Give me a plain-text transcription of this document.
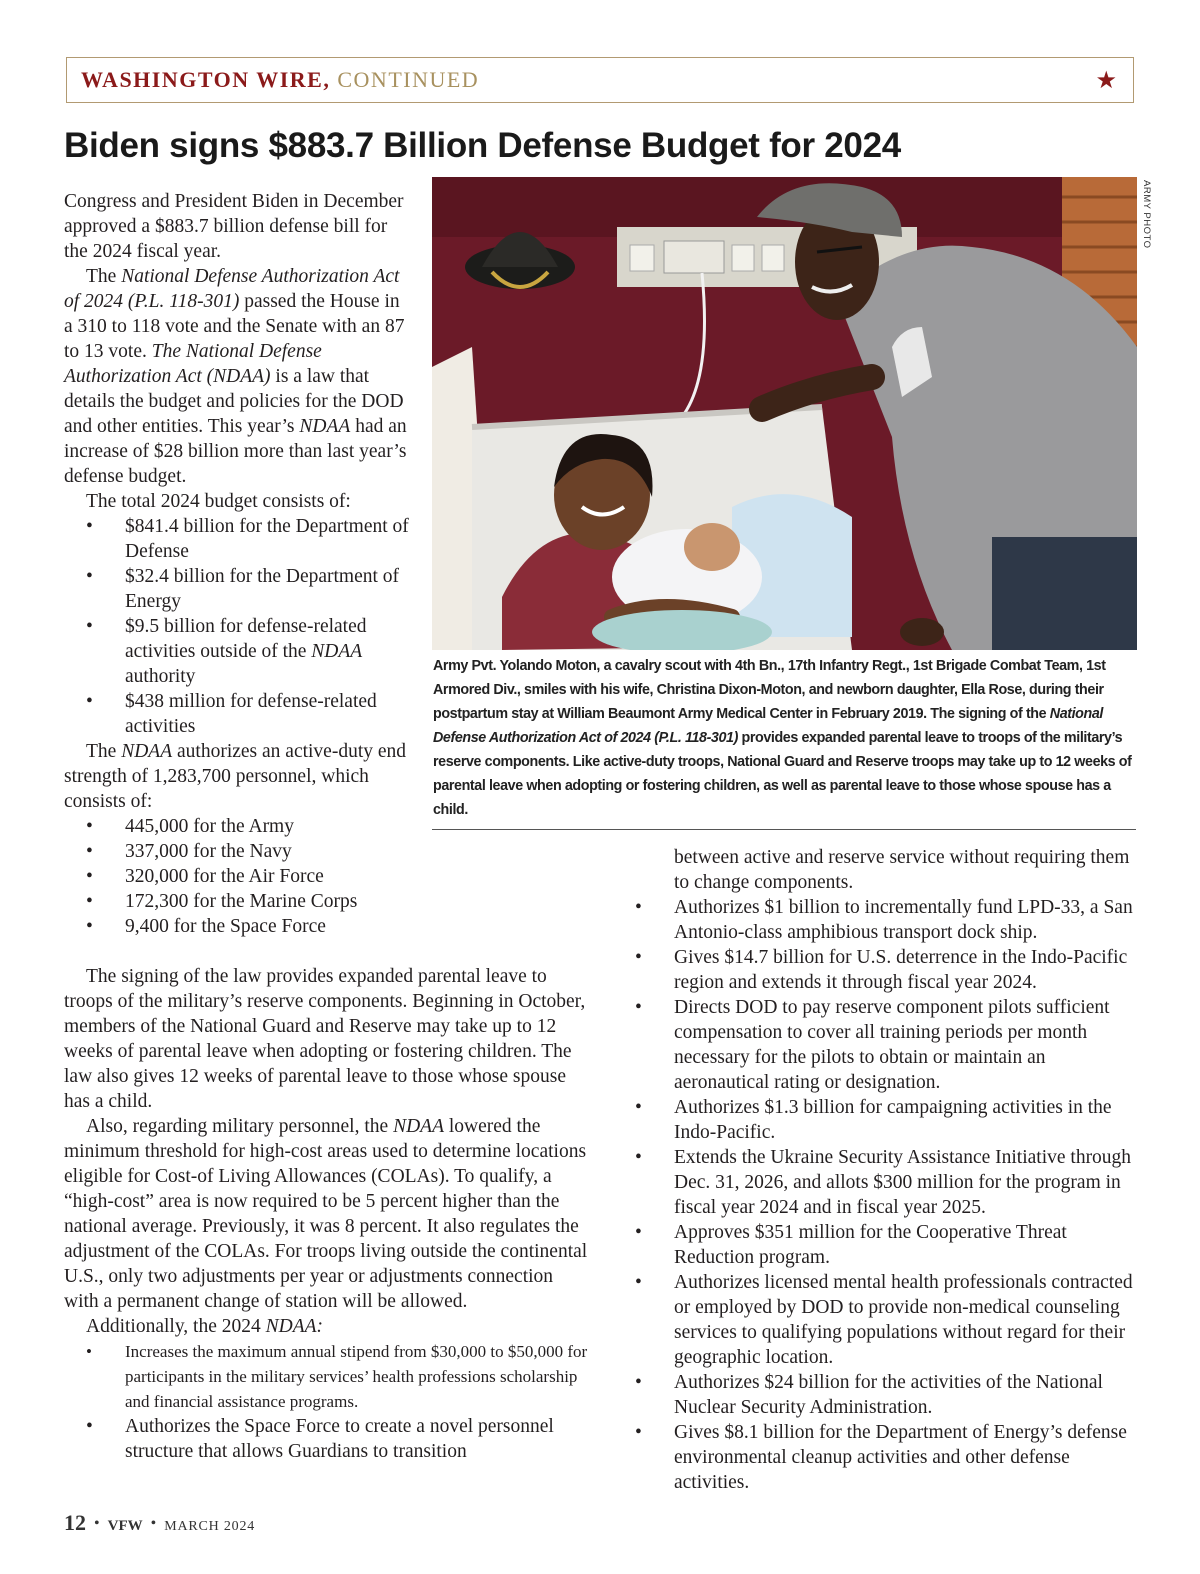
WASHINGTON WIRE, CONTINUED	★
Biden signs $883.7 Billion Defense Budget for 2024

Congress and President Biden in December approved a $883.7 billion defense bill for the 2024 fiscal year.

The National Defense Authorization Act of 2024 (P.L. 118-301) passed the House in a 310 to 118 vote and the Senate with an 87 to 13 vote. The National Defense Authorization Act (NDAA) is a law that details the budget and policies for the DOD and other entities. This year’s NDAA had an increase of $28 billion more than last year’s defense budget.

The total 2024 budget consists of:

• $841.4 billion for the Department of Defense
• $32.4 billion for the Department of Energy
• $9.5 billion for defense-related activities outside of the NDAA authority
• $438 million for defense-related activities

The NDAA authorizes an active-duty end strength of 1,283,700 personnel, which consists of:

• 445,000 for the Army
• 337,000 for the Navy
• 320,000 for the Air Force
• 172,300 for the Marine Corps
• 9,400 for the Space Force

The signing of the law provides expanded parental leave to troops of the military’s reserve components. Beginning in October, members of the National Guard and Reserve may take up to 12 weeks of parental leave when adopting or fostering children. The law also gives 12 weeks of parental leave to those whose spouse has a child.

Also, regarding military personnel, the NDAA lowered the minimum threshold for high-cost areas used to determine locations eligible for Cost-of Living Allowances (COLAs). To qualify, a “high-cost” area is now required to be 5 percent higher than the national average. Previously, it was 8 percent. It also regulates the adjustment of the COLAs. For troops living outside the continental U.S., only two adjustments per year or adjustments connection with a permanent change of station will be allowed.

Additionally, the 2024 NDAA:

• Increases the maximum annual stipend from $30,000 to $50,000 for participants in the military services’ health professions scholarship and financial assistance programs.
• Authorizes the Space Force to create a novel personnel structure that allows Guardians to transition

between active and reserve service without requiring them to change components.

• Authorizes $1 billion to incrementally fund LPD-33, a San Antonio-class amphibious transport dock ship.
• Gives $14.7 billion for U.S. deterrence in the Indo-Pacific region and extends it through fiscal year 2024.
• Directs DOD to pay reserve component pilots sufficient compensation to cover all training periods per month necessary for the pilots to obtain or maintain an aeronautical rating or designation.
• Authorizes $1.3 billion for campaigning activities in the Indo-Pacific.
• Extends the Ukraine Security Assistance Initiative through Dec. 31, 2026, and allots $300 million for the program in fiscal year 2024 and in fiscal year 2025.
• Approves $351 million for the Cooperative Threat Reduction program.
• Authorizes licensed mental health professionals contracted or employed by DOD to provide non-medical counseling services to qualifying populations without regard for their geographic location.
• Authorizes $24 billion for the activities of the National Nuclear Security Administration.
• Gives $8.1 billion for the Department of Energy’s defense environmental cleanup activities and other defense activities.
ARMY PHOTO
Army Pvt. Yolando Moton, a cavalry scout with 4th Bn., 17th Infantry Regt., 1st Brigade Combat Team, 1st Armored Div., smiles with his wife, Christina Dixon-Moton, and newborn daughter, Ella Rose, during their postpartum stay at William Beaumont Army Medical Center in February 2019. The signing of the National Defense Authorization Act of 2024 (P.L. 118-301) provides expanded parental leave to troops of the military’s reserve components. Like active-duty troops, National Guard and Reserve troops may take up to 12 weeks of parental leave when adopting or fostering children, as well as parental leave to those whose spouse has a child.
12 • VFW • MARCH 2024
